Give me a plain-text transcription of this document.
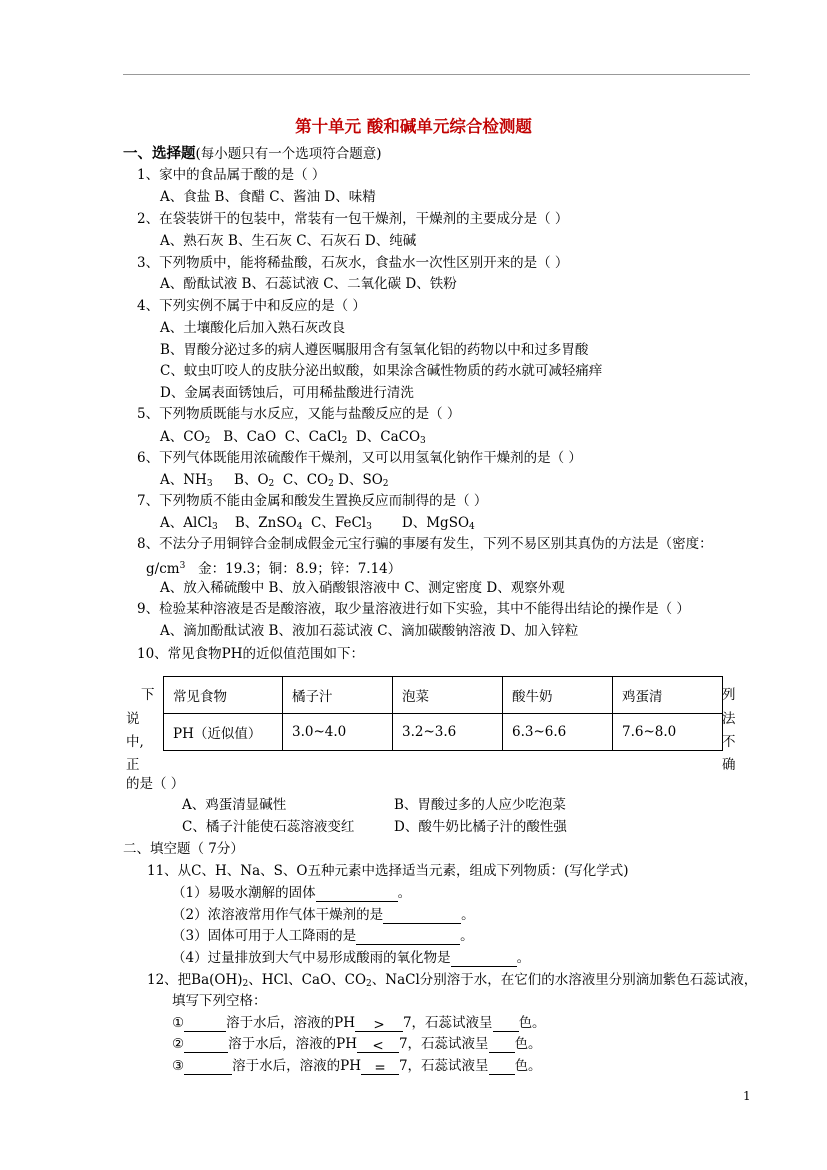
第十单元 酸和碱单元综合检测题
一、选择题(每小题只有一个选项符合题意)
1、家中的食品属于酸的是（ ）
A、食盐 B、食醋 C、酱油 D、味精
2、在袋装饼干的包装中，常装有一包干燥剂，干燥剂的主要成分是（ ）
A、熟石灰 B、生石灰 C、石灰石 D、纯碱
3、下列物质中，能将稀盐酸，石灰水，食盐水一次性区别开来的是（ ）
A、酚酞试液 B、石蕊试液 C、二氧化碳 D、铁粉
4、下列实例不属于中和反应的是（ ）
A、土壤酸化后加入熟石灰改良
B、胃酸分泌过多的病人遵医嘱服用含有氢氧化铝的药物以中和过多胃酸
C、蚊虫叮咬人的皮肤分泌出蚁酸，如果涂含碱性物质的药水就可减轻痛痒
D、金属表面锈蚀后，可用稀盐酸进行清洗
5、下列物质既能与水反应，又能与盐酸反应的是（ ）
A、$CO_2$ B、CaO C、CaCl$_2$ D、CaCO$_3$
6、下列气体既能用浓硫酸作干燥剂，又可以用氢氧化钠作干燥剂的是（ ）
A、$NH_3$ B、$O_2$ C、$CO_2$ D、$SO_2$
7、下列物质不能由金属和酸发生置换反应而制得的是（ ）
A、AlCl$_3$ B、ZnSO$_4$ C、FeCl$_3$ D、MgSO$_4$
8、不法分子用铜锌合金制成假金元宝行骗的事屡有发生，下列不易区别其真伪的方法是（密度：
$g/cm^3$ 金：19.3；铜：8.9；锌：7.14）
A、放入稀硫酸中 B、放入硝酸银溶液中 C、测定密度 D、观察外观
9、检验某种溶液是否是酸溶液，取少量溶液进行如下实验，其中不能得出结论的操作是（ ）
A、滴加酚酞试液 B、液加石蕊试液 C、滴加碳酸钠溶液 D、加入锌粒
10、常见食物PH的近似值范围如下：
常见食物	橘子汁	泡菜	酸牛奶	鸡蛋清
PH（近似值）	3.0~4.0	3.2~3.6	6.3~6.6	7.6~8.0
下
说
中,
正
的是（ ）
列
法
不
确
A、鸡蛋清显碱性	B、胃酸过多的人应少吃泡菜
C、橘子汁能使石蕊溶液变红	D、酸牛奶比橘子汁的酸性强
二、填空题（ 7分）
11、从C、H、Na、S、O五种元素中选择适当元素，组成下列物质：(写化学式)
（1）易吸水潮解的固体	。
（2）浓溶液常用作气体干燥剂的是	。
（3）固体可用于人工降雨的是	。
（4）过量排放到大气中易形成酸雨的氧化物是	。
12、把$Ba(OH)_2$、HCl、CaO、$CO_2$、NaCl分别溶于水，在它们的水溶液里分别滴加紫色石蕊试液，
填写下列空格：
①	溶于水后，溶液的PH > 7，石蕊试液呈 色。
②	溶于水后，溶液的PH < 7，石蕊试液呈 色。
③	溶于水后，溶液的PH = 7，石蕊试液呈 色。
1
